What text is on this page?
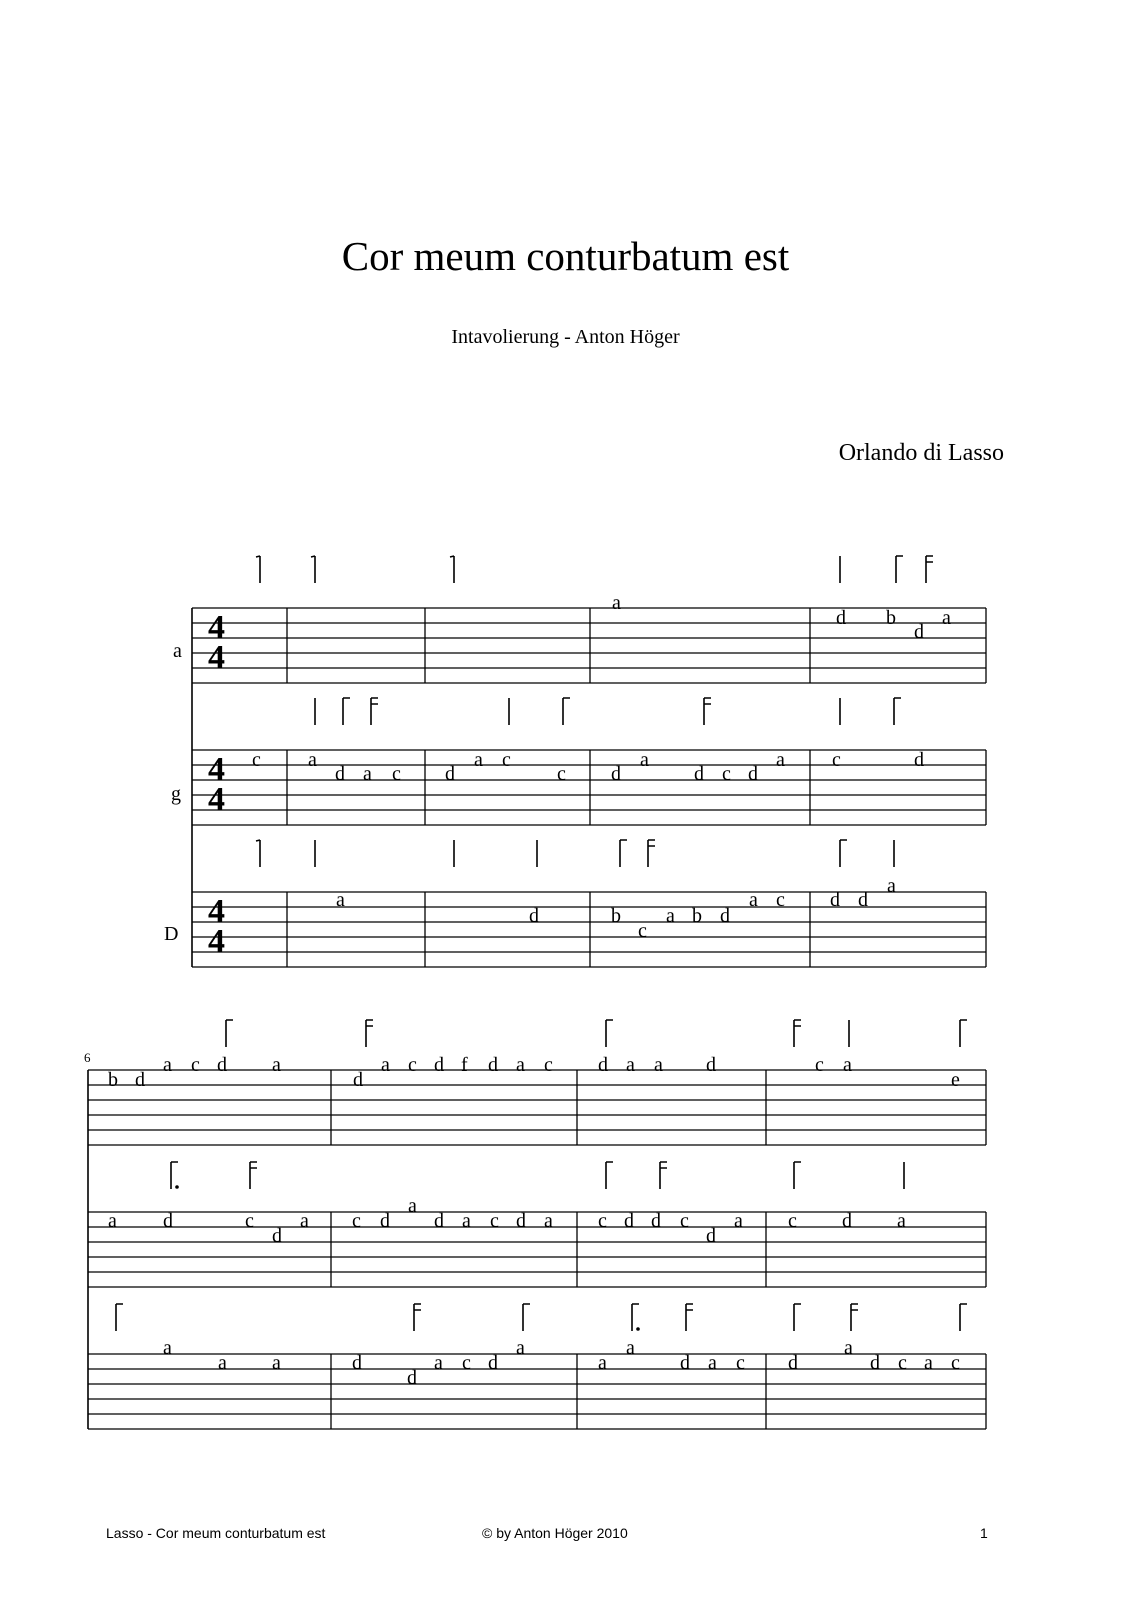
Cor meum conturbatum est
Intavolierung - Anton Höger
Orlando di Lasso
a
g
D
4
4
4
4
4
4
a
d b
d
a
c a
d a c d
a c
c d
a
d c d
a c	d
a
d	b
c
a b d
a c d d
a
6
b d
a c d a
d
a c d f d a c d a a d	c a
e
a d	c
d
a c d
a
d a c d a c d d c
d
a c d a
a
a a	d
d
a c d
a
a
a
d a c d
a
d c a c
Lasso - Cor meum conturbatum est	© by Anton Höger 2010	1
